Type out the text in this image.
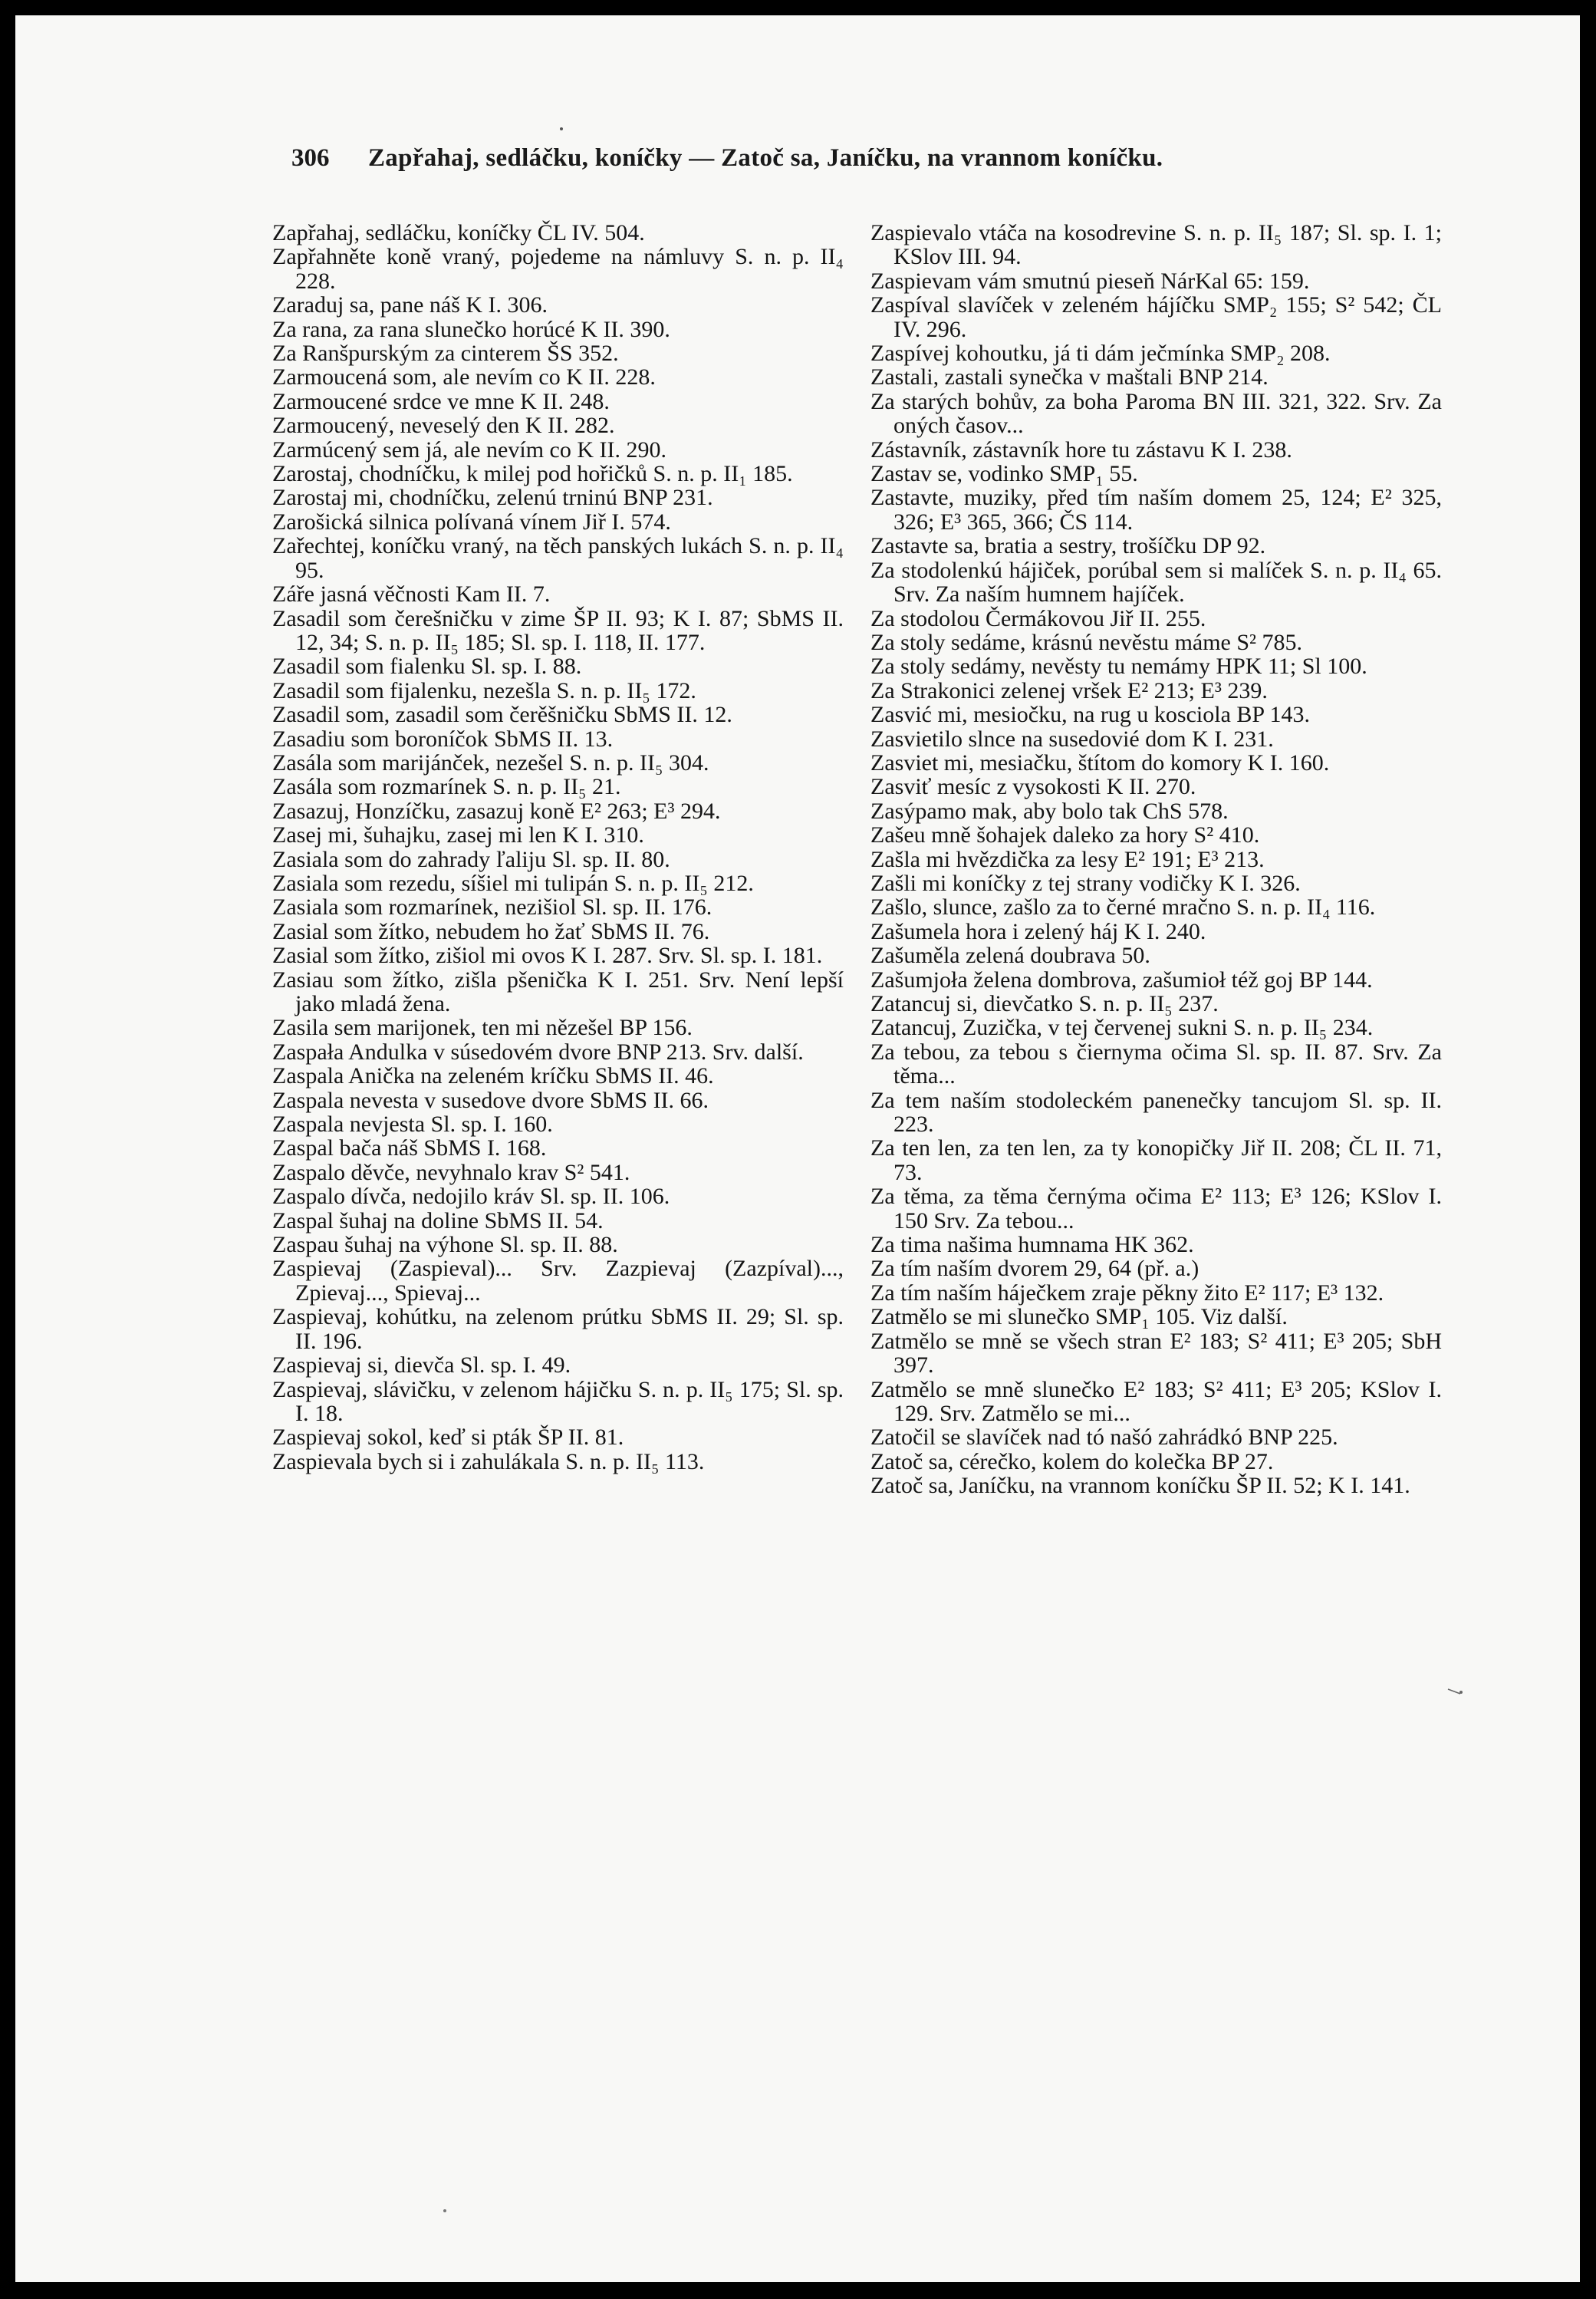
306 Zapřahaj, sedláčku, koníčky — Zatoč sa, Janíčku, na vrannom koníčku.

Zapřahaj, sedláčku, koníčky ČL IV. 504.

Zapřahněte koně vraný, pojedeme na námluvy S. n. p. II₄ 228.

Zaraduj sa, pane náš K I. 306.

Za rana, za rana slunečko horúcé K II. 390.

Za Ranšpurským za cinterem ŠS 352.

Zarmoucená som, ale nevím co K II. 228.

Zarmoucené srdce ve mne K II. 248.

Zarmoucený, neveselý den K II. 282.

Zarmúcený sem já, ale nevím co K II. 290.

Zarostaj, chodníčku, k milej pod hořičků S. n. p. II₁ 185.

Zarostaj mi, chodníčku, zelenú trninú BNP 231.

Zarošická silnica polívaná vínem Jiř I. 574.

Zařechtej, koníčku vraný, na těch panských lukách S. n. p. II₄ 95.

Záře jasná věčnosti Kam II. 7.

Zasadil som čerešničku v zime ŠP II. 93; K I. 87; SbMS II. 12, 34; S. n. p. II₅ 185; Sl. sp. I. 118, II. 177.

Zasadil som fialenku Sl. sp. I. 88.

Zasadil som fijalenku, nezešla S. n. p. II₅ 172.

Zasadil som, zasadil som čerěšničku SbMS II. 12.

Zasadiu som boroníčok SbMS II. 13.

Zasála som marijánček, nezešel S. n. p. II₅ 304.

Zasála som rozmarínek S. n. p. II₅ 21.

Zasazuj, Honzíčku, zasazuj koně E² 263; E³ 294.

Zasej mi, šuhajku, zasej mi len K I. 310.

Zasiala som do zahrady ľaliju Sl. sp. II. 80.

Zasiala som rezedu, síšiel mi tulipán S. n. p. II₅ 212.

Zasiala som rozmarínek, nezišiol Sl. sp. II. 176.

Zasial som žítko, nebudem ho žať SbMS II. 76.

Zasial som žítko, zišiol mi ovos K I. 287. Srv. Sl. sp. I. 181.

Zasiau som žítko, zišla pšenička K I. 251. Srv. Není lepší jako mladá žena.

Zasila sem marijonek, ten mi nězešel BP 156.

Zaspała Andulka v súsedovém dvore BNP 213. Srv. další.

Zaspala Anička na zeleném kríčku SbMS II. 46.

Zaspala nevesta v susedove dvore SbMS II. 66.

Zaspala nevjesta Sl. sp. I. 160.

Zaspal bača náš SbMS I. 168.

Zaspalo děvče, nevyhnalo krav S² 541.

Zaspalo dívča, nedojilo kráv Sl. sp. II. 106.

Zaspal šuhaj na doline SbMS II. 54.

Zaspau šuhaj na výhone Sl. sp. II. 88.

Zaspievaj (Zaspieval)... Srv. Zazpievaj (Zazpíval)..., Zpievaj..., Spievaj...

Zaspievaj, kohútku, na zelenom prútku SbMS II. 29; Sl. sp. II. 196.

Zaspievaj si, dievča Sl. sp. I. 49.

Zaspievaj, slávičku, v zelenom hájičku S. n. p. II₅ 175; Sl. sp. I. 18.

Zaspievaj sokol, keď si pták ŠP II. 81.

Zaspievala bych si i zahulákala S. n. p. II₅ 113.

Zaspievalo vtáča na kosodrevine S. n. p. II₅ 187; Sl. sp. I. 1; KSlov III. 94.

Zaspievam vám smutnú pieseň NárKal 65: 159.

Zaspíval slavíček v zeleném hájíčku SMP₂ 155; S² 542; ČL IV. 296.

Zaspívej kohoutku, já ti dám ječmínka SMP₂ 208.

Zastali, zastali synečka v maštali BNP 214.

Za starých bohův, za boha Paroma BN III. 321, 322. Srv. Za oných časov...

Zástavník, zástavník hore tu zástavu K I. 238.

Zastav se, vodinko SMP₁ 55.

Zastavte, muziky, před tím naším domem 25, 124; E² 325, 326; E³ 365, 366; ČS 114.

Zastavte sa, bratia a sestry, trošíčku DP 92.

Za stodolenkú hájiček, porúbal sem si malíček S. n. p. II₄ 65. Srv. Za naším humnem hajíček.

Za stodolou Čermákovou Jiř II. 255.

Za stoly sedáme, krásnú nevěstu máme S² 785.

Za stoly sedámy, nevěsty tu nemámy HPK 11; Sl 100.

Za Strakonici zelenej vršek E² 213; E³ 239.

Zasvić mi, mesiočku, na rug u kosciola BP 143.

Zasvietilo slnce na susedovié dom K I. 231.

Zasviet mi, mesiačku, štítom do komory K I. 160.

Zasviť mesíc z vysokosti K II. 270.

Zasýpamo mak, aby bolo tak ChS 578.

Zašeu mně šohajek daleko za hory S² 410.

Zašla mi hvězdička za lesy E² 191; E³ 213.

Zašli mi koníčky z tej strany vodičky K I. 326.

Zašlo, slunce, zašlo za to černé mračno S. n. p. II₄ 116.

Zašumela hora i zelený háj K I. 240.

Zašuměla zelená doubrava 50.

Zašumjoła želena dombrova, zašumioł též goj BP 144.

Zatancuj si, dievčatko S. n. p. II₅ 237.

Zatancuj, Zuzička, v tej červenej sukni S. n. p. II₅ 234.

Za tebou, za tebou s čiernyma očima Sl. sp. II. 87. Srv. Za těma...

Za tem naším stodoleckém panenečky tancujom Sl. sp. II. 223.

Za ten len, za ten len, za ty konopičky Jiř II. 208; ČL II. 71, 73.

Za těma, za těma černýma očima E² 113; E³ 126; KSlov I. 150 Srv. Za tebou...

Za tima našima humnama HK 362.

Za tím naším dvorem 29, 64 (př. a.)

Za tím naším háječkem zraje pěkny žito E² 117; E³ 132.

Zatmělo se mi slunečko SMP₁ 105. Viz další.

Zatmělo se mně se všech stran E² 183; S² 411; E³ 205; SbH 397.

Zatmělo se mně slunečko E² 183; S² 411; E³ 205; KSlov I. 129. Srv. Zatmělo se mi...

Zatočil se slavíček nad tó našó zahrádkó BNP 225.

Zatoč sa, cérečko, kolem do kolečka BP 27.

Zatoč sa, Janíčku, na vrannom koníčku ŠP II. 52; K I. 141.
